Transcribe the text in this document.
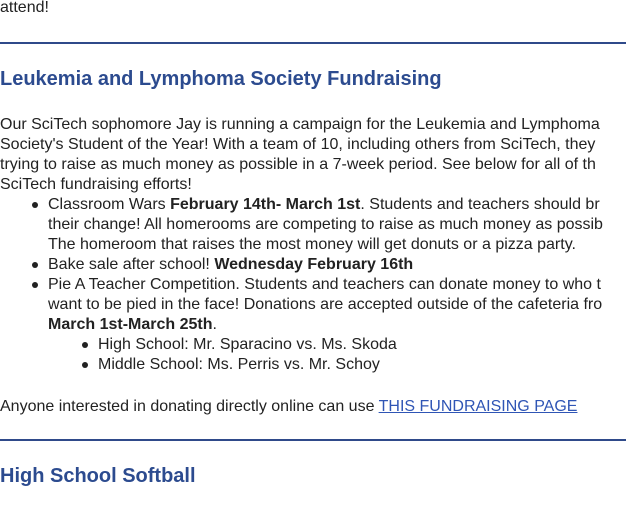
attend!
Leukemia and Lymphoma Society Fundraising
Our SciTech sophomore Jay is running a campaign for the Leukemia and Lymphoma
Society's Student of the Year! With a team of 10, including others from SciTech, they
trying to raise as much money as possible in a 7-week period. See below for all of th
SciTech fundraising efforts!
Classroom Wars February 14th- March 1st. Students and teachers should br
their change! All homerooms are competing to raise as much money as possib
The homeroom that raises the most money will get donuts or a pizza party.
Bake sale after school! Wednesday February 16th
Pie A Teacher Competition. Students and teachers can donate money to who t
want to be pied in the face! Donations are accepted outside of the cafeteria fro
March 1st-March 25th.
High School: Mr. Sparacino vs. Ms. Skoda
Middle School: Ms. Perris vs. Mr. Schoy
Anyone interested in donating directly online can use THIS FUNDRAISING PAGE
High School Softball
